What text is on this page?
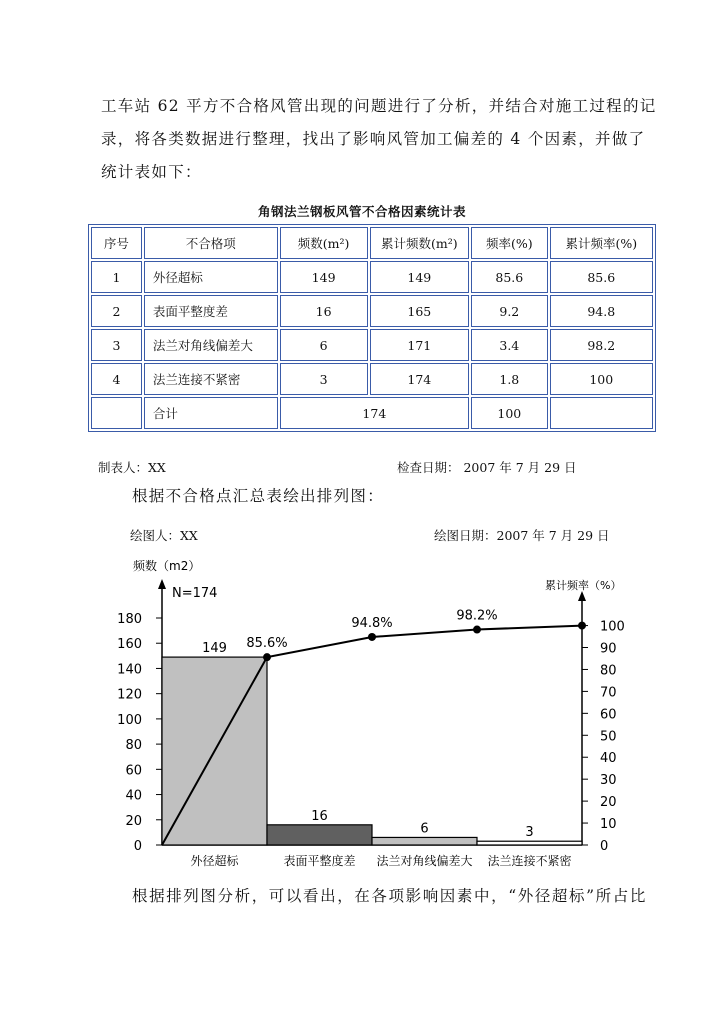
工车站 62 平方不合格风管出现的问题进行了分析，并结合对施工过程的记录，将各类数据进行整理，找出了影响风管加工偏差的 4 个因素，并做了统计表如下：

角钢法兰钢板风管不合格因素统计表
序号	不合格项	频数(m²)	累计频数(m²)	频率(%)	累计频率(%)
1	外径超标	149	149	85.6	85.6
2	表面平整度差	16	165	9.2	94.8
3	法兰对角线偏差大	6	171	3.4	98.2
4	法兰连接不紧密	3	174	1.8	100
	合计	174		100	
制表人：XX	检查日期： 2007 年 7 月 29 日
根据不合格点汇总表绘出排列图：
绘图人：XX	绘图日期：2007 年 7 月 29 日
频数（m2）
N=174
0
20
40
60
80
100
120
140
160
180
累计频率（%）
0
10
20
30
40
50
60
70
80
90
100
149
外径超标
16
表面平整度差
6
法兰对角线偏差大
3
法兰连接不紧密
85.6%
94.8%	98.2%
根据排列图分析，可以看出，在各项影响因素中，“外径超标”所占比
